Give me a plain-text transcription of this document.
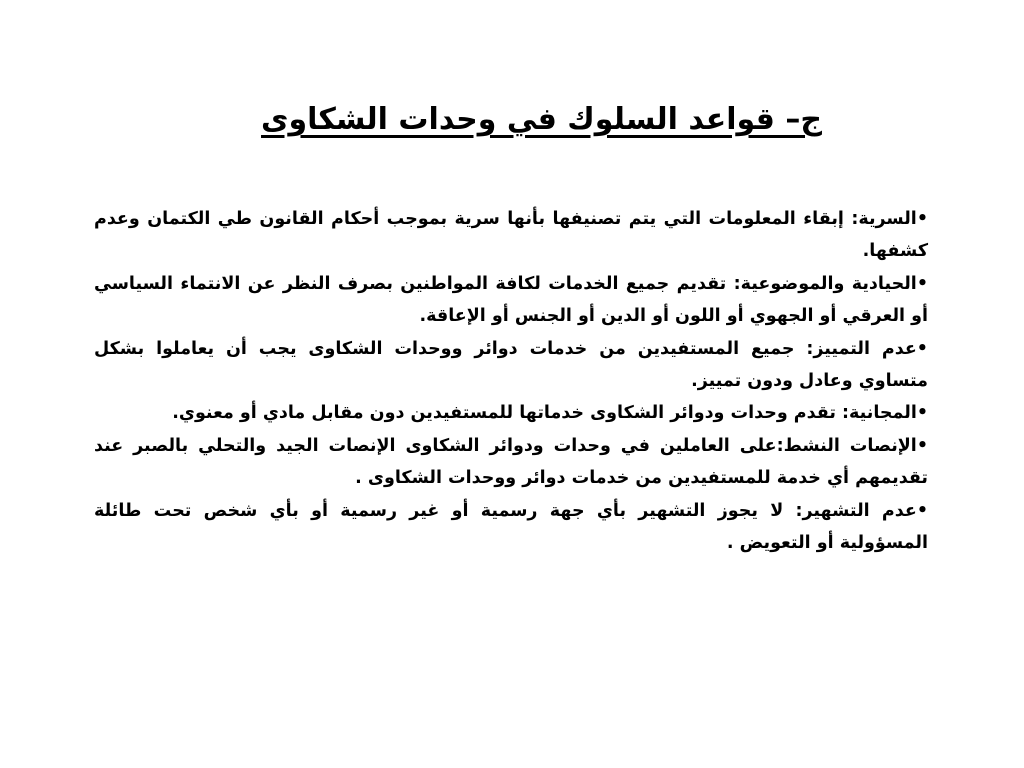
ج– قواعد السلوك في وحدات الشكاوى
•السرية: إبقاء المعلومات التي يتم تصنيفها بأنها سرية بموجب أحكام القانون طي الكتمان وعدم كشفها.
•الحيادية والموضوعية: تقديم جميع الخدمات لكافة المواطنين بصرف النظر عن الانتماء السياسي أو العرقي أو الجهوي أو اللون أو الدين أو الجنس أو الإعاقة.
•عدم التمييز: جميع المستفيدين من خدمات دوائر ووحدات الشكاوى يجب أن يعاملوا بشكل متساوي وعادل ودون تمييز.
•المجانية: تقدم وحدات ودوائر الشكاوى خدماتها للمستفيدين دون مقابل مادي أو معنوي.
•الإنصات النشط:على العاملين في وحدات ودوائر الشكاوى الإنصات الجيد والتحلي بالصبر عند تقديمهم أي خدمة للمستفيدين من خدمات دوائر ووحدات الشكاوى .
•عدم التشهير: لا يجوز التشهير بأي جهة رسمية أو غير رسمية أو بأي شخص تحت طائلة المسؤولية أو التعويض .
